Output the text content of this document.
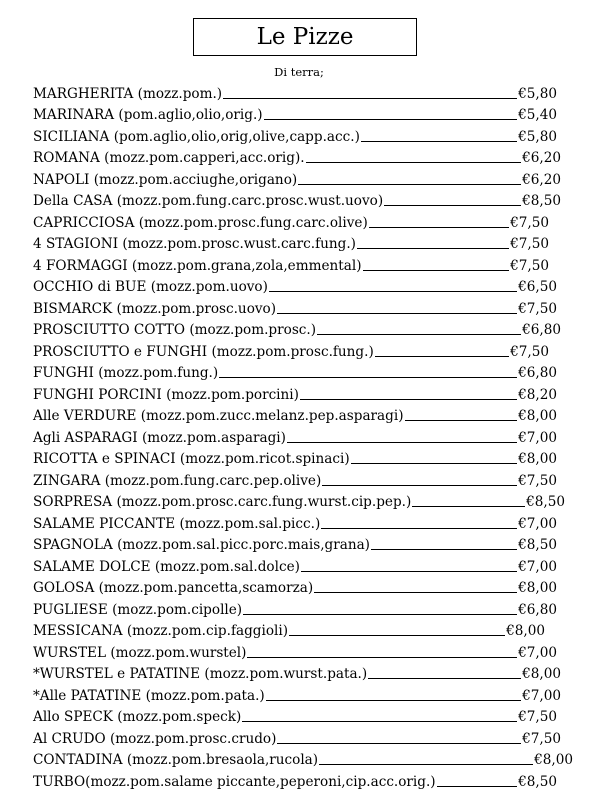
Le Pizze
Di terra;
MARGHERITA (mozz.pom.)	€5,80
MARINARA (pom.aglio,olio,orig.)	€5,40
SICILIANA (pom.aglio,olio,orig,olive,capp.acc.)	€5,80
ROMANA (mozz.pom.capperi,acc.orig).	€6,20
NAPOLI (mozz.pom.acciughe,origano)	€6,20
Della CASA (mozz.pom.fung.carc.prosc.wust.uovo)	€8,50
CAPRICCIOSA (mozz.pom.prosc.fung.carc.olive)	€7,50
4 STAGIONI (mozz.pom.prosc.wust.carc.fung.)	€7,50
4 FORMAGGI (mozz.pom.grana,zola,emmental)	€7,50
OCCHIO di BUE (mozz.pom.uovo)	€6,50
BISMARCK (mozz.pom.prosc.uovo)	€7,50
PROSCIUTTO COTTO (mozz.pom.prosc.)	€6,80
PROSCIUTTO e FUNGHI (mozz.pom.prosc.fung.)	€7,50
FUNGHI (mozz.pom.fung.)	€6,80
FUNGHI PORCINI (mozz.pom.porcini)	€8,20
Alle VERDURE (mozz.pom.zucc.melanz.pep.asparagi)	€8,00
Agli ASPARAGI (mozz.pom.asparagi)	€7,00
RICOTTA e SPINACI (mozz.pom.ricot.spinaci)	€8,00
ZINGARA (mozz.pom.fung.carc.pep.olive)	€7,50
SORPRESA (mozz.pom.prosc.carc.fung.wurst.cip.pep.)	€8,50
SALAME PICCANTE (mozz.pom.sal.picc.)	€7,00
SPAGNOLA (mozz.pom.sal.picc.porc.mais,grana)	€8,50
SALAME DOLCE (mozz.pom.sal.dolce)	€7,00
GOLOSA (mozz.pom.pancetta,scamorza)	€8,00
PUGLIESE (mozz.pom.cipolle)	€6,80
MESSICANA (mozz.pom.cip.faggioli)	€8,00
WURSTEL (mozz.pom.wurstel)	€7,00
*WURSTEL e PATATINE (mozz.pom.wurst.pata.)	€8,00
*Alle PATATINE (mozz.pom.pata.)	€7,00
Allo SPECK (mozz.pom.speck)	€7,50
Al CRUDO (mozz.pom.prosc.crudo)	€7,50
CONTADINA (mozz.pom.bresaola,rucola)	€8,00
TURBO(mozz.pom.salame piccante,peperoni,cip.acc.orig.)	€8,50
